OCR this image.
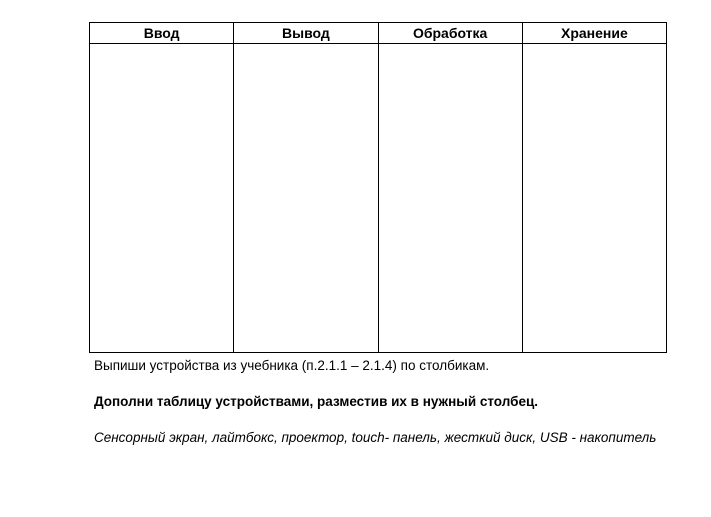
Ввод	Вывод	Обработка	Хранение

Выпиши устройства из учебника (п.2.1.1 – 2.1.4) по столбикам.
Дополни таблицу устройствами, разместив их в нужный столбец.
Сенсорный экран, лайтбокс, проектор, touch- панель, жесткий диск, USB - накопитель
